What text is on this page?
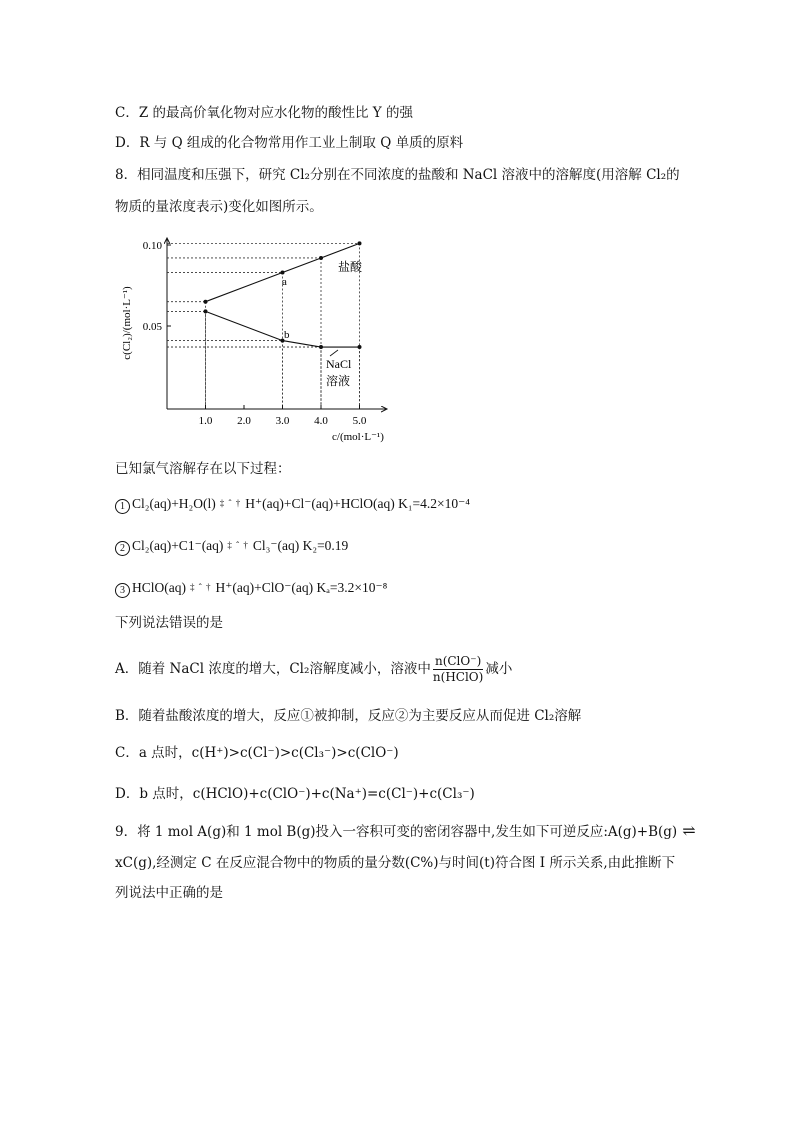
C．Z 的最高价氧化物对应水化物的酸性比 Y 的强
D．R 与 Q 组成的化合物常用作工业上制取 Q 单质的原料
8．相同温度和压强下，研究 Cl₂分别在不同浓度的盐酸和 NaCl 溶液中的溶解度(用溶解 Cl₂的
物质的量浓度表示)变化如图所示。
1.0 2.0 3.0 4.0 5.0
0.05
0.10
c(Cl₂)/(mol·L⁻¹)
c/(mol·L⁻¹)
盐酸
NaCl
溶液
a
b
已知氯气溶解存在以下过程：
1 Cl₂(aq)+H₂O(l) ‡ ˆ † H⁺(aq)+Cl⁻(aq)+HClO(aq) K₁=4.2×10⁻⁴
2 Cl₂(aq)+C1⁻(aq) ‡ ˆ † Cl₃⁻(aq) K₂=0.19
3 HClO(aq) ‡ ˆ † H⁺(aq)+ClO⁻(aq) Kₐ=3.2×10⁻⁸
下列说法错误的是
A．随着 NaCl 浓度的增大，Cl₂溶解度减小，溶液中 $\frac{\text{n(ClO⁻)}}{\text{n(HClO)}}$ 减小
B．随着盐酸浓度的增大，反应①被抑制，反应②为主要反应从而促进 Cl₂溶解
C．a 点时，c(H⁺)>c(Cl⁻)>c(Cl₃⁻)>c(ClO⁻)
D．b 点时，c(HClO)+c(ClO⁻)+c(Na⁺)=c(Cl⁻)+c(Cl₃⁻)
9．将 1 mol A(g)和 1 mol B(g)投入一容积可变的密闭容器中,发生如下可逆反应:A(g)+B(g) ⇌
xC(g),经测定 C 在反应混合物中的物质的量分数(C%)与时间(t)符合图 I 所示关系,由此推断下
列说法中正确的是
